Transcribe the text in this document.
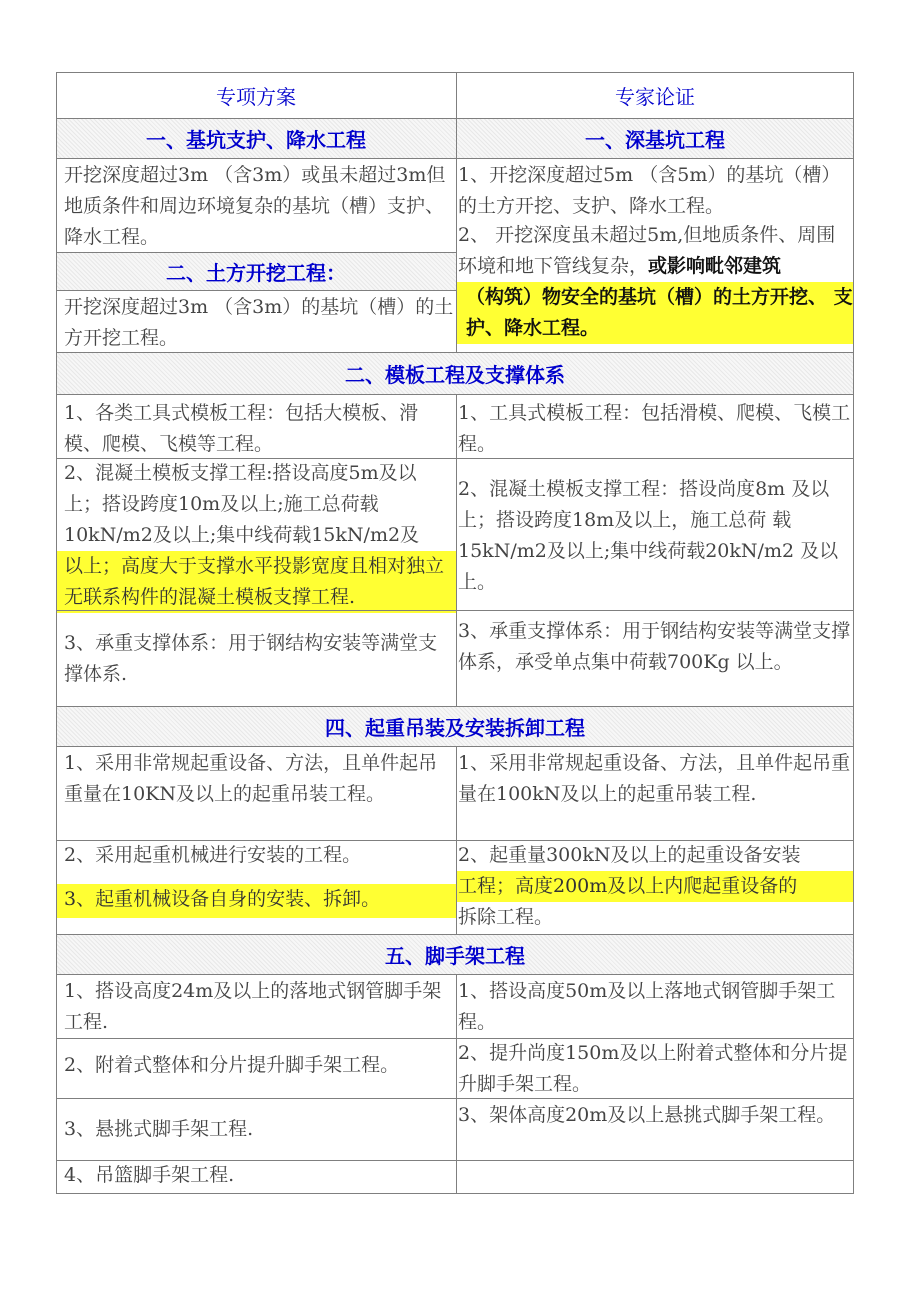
专项方案	专家论证
一、基坑支护、降水工程	一、深基坑工程
开挖深度超过3m （含3m）或虽未超过3m但地质条件和周边环境复杂的基坑（槽）支护、降水工程。
二、土方开挖工程：
开挖深度超过3m （含3m）的基坑（槽）的土方开挖工程。
1、开挖深度超过5m （含5m）的基坑（槽） 的土方开挖、支护、降水工程。
2、 开挖深度虽未超过5m,但地质条件、周围环境和地下管线复杂，或影响毗邻建筑
（构筑）物安全的基坑（槽）的土方开挖、 支护、降水工程。
二、模板工程及支撑体系
1、各类工具式模板工程：包括大模板、滑模、爬模、飞模等工程。
1、工具式模板工程：包括滑模、爬模、飞模工程。
2、混凝土模板支撑工程:搭设高度5m及以上；搭设跨度10m及以上;施工总荷载10kN/m2及以上;集中线荷载15kN/m2及
以上；高度大于支撑水平投影宽度且相对独立无联系构件的混凝土模板支撑工程.
2、混凝土模板支撑工程：搭设尚度8m 及以上；搭设跨度18m及以上，施工总荷 载15kN/m2及以上;集中线荷载20kN/m2 及以上。
3、承重支撑体系：用于钢结构安装等满堂支撑体系.
3、承重支撑体系：用于钢结构安装等满堂支撑体系，承受单点集中荷载700Kg 以上。
四、起重吊装及安装拆卸工程
1、采用非常规起重设备、方法，且单件起吊重量在10KN及以上的起重吊装工程。
1、采用非常规起重设备、方法，且单件起吊重量在100kN及以上的起重吊装工程.
2、采用起重机械进行安装的工程。
3、起重机械设备自身的安装、拆卸。
2、起重量300kN及以上的起重设备安装
工程；高度200m及以上内爬起重设备的
拆除工程。
五、脚手架工程
1、搭设高度24m及以上的落地式钢管脚手架工程.
1、搭设高度50m及以上落地式钢管脚手架工程。
2、附着式整体和分片提升脚手架工程。
2、提升尚度150m及以上附着式整体和分片提升脚手架工程。
3、悬挑式脚手架工程.
3、架体高度20m及以上悬挑式脚手架工程。
4、吊篮脚手架工程.
